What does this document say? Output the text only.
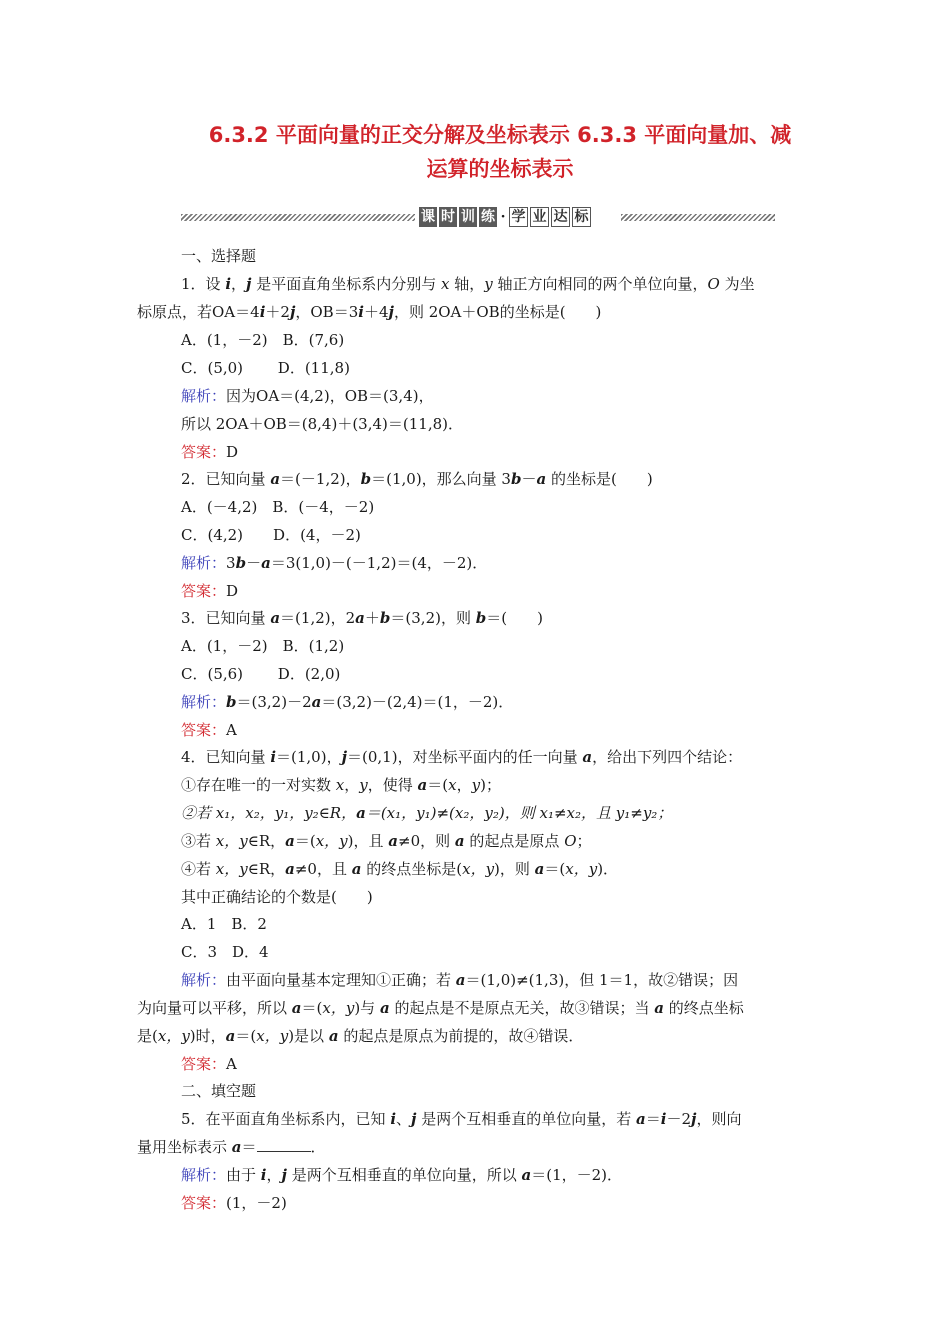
6.3.2 平面向量的正交分解及坐标表示 6.3.3 平面向量加、减
运算的坐标表示
课 时 训 练 · 学 业 达 标
一、选择题
1．设 i，j 是平面直角坐标系内分别与 x 轴，y 轴正方向相同的两个单位向量，O 为坐
标原点，若OA＝4i＋2j，OB＝3i＋4j，则 2OA＋OB的坐标是(　　)
A．(1，－2)　B．(7,6)
C．(5,0)　　 D．(11,8)
解析：因为OA＝(4,2)，OB＝(3,4)，
所以 2OA＋OB＝(8,4)＋(3,4)＝(11,8)．
答案：D
2．已知向量 a＝(－1,2)，b＝(1,0)，那么向量 3b－a 的坐标是(　　)
A．(－4,2)　B．(－4，－2)
C．(4,2)　　D．(4，－2)
解析：3b－a＝3(1,0)－(－1,2)＝(4，－2)．
答案：D
3．已知向量 a＝(1,2)，2a＋b＝(3,2)，则 b＝(　　)
A．(1，－2)　B．(1,2)
C．(5,6)　　 D．(2,0)
解析：b＝(3,2)－2a＝(3,2)－(2,4)＝(1，－2)．
答案：A
4．已知向量 i＝(1,0)，j＝(0,1)，对坐标平面内的任一向量 a，给出下列四个结论：
①存在唯一的一对实数 x，y，使得 a＝(x，y)；
②若 x₁，x₂，y₁，y₂∈R，a＝(x₁，y₁)≠(x₂，y₂)，则 x₁≠x₂，且 y₁≠y₂；
③若 x，y∈R，a＝(x，y)，且 a≠0，则 a 的起点是原点 O；
④若 x，y∈R，a≠0，且 a 的终点坐标是(x，y)，则 a＝(x，y)．
其中正确结论的个数是(　　)
A．1　B．2
C．3　D．4
解析：由平面向量基本定理知①正确；若 a＝(1,0)≠(1,3)，但 1＝1，故②错误；因
为向量可以平移，所以 a＝(x，y)与 a 的起点是不是原点无关，故③错误；当 a 的终点坐标
是(x，y)时，a＝(x，y)是以 a 的起点是原点为前提的，故④错误．
答案：A
二、填空题
5．在平面直角坐标系内，已知 i、j 是两个互相垂直的单位向量，若 a＝i－2j，则向
量用坐标表示 a＝	．
解析：由于 i，j 是两个互相垂直的单位向量，所以 a＝(1，－2)．
答案：(1，－2)
